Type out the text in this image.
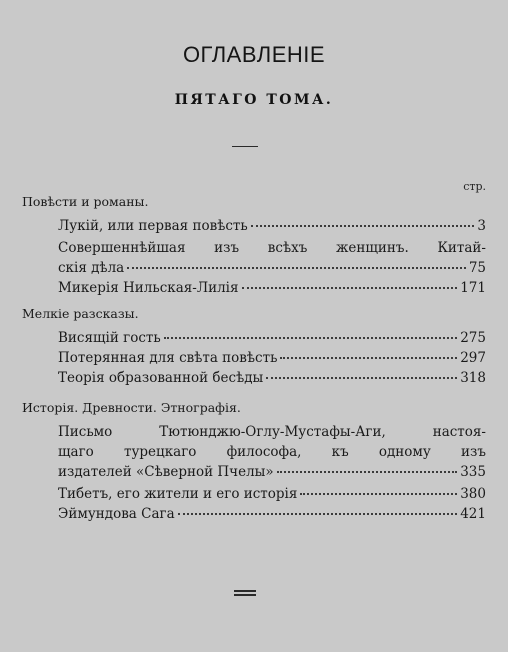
ОГЛАВЛЕНІЕ
ПЯТАГО ТОМА.
стр.
Повѣсти и романы.
Лукій, или первая повѣсть	3
Совершеннѣйшая изъ всѣхъ женщинъ. Китай-
скія дѣла	75
Микерія Нильская-Лилія	171
Мелкіе разсказы.
Висящій гость	275
Потерянная для свѣта повѣсть	297
Теорія образованной бесѣды	318
Исторія. Древности. Этнографія.
Письмо Тютюнджю-Оглу-Мустафы-Аги, настоя-
щаго турецкаго философа, къ одному изъ
издателей «Сѣверной Пчелы»	335
Тибетъ, его жители и его исторія	380
Эймундова Сага	421
